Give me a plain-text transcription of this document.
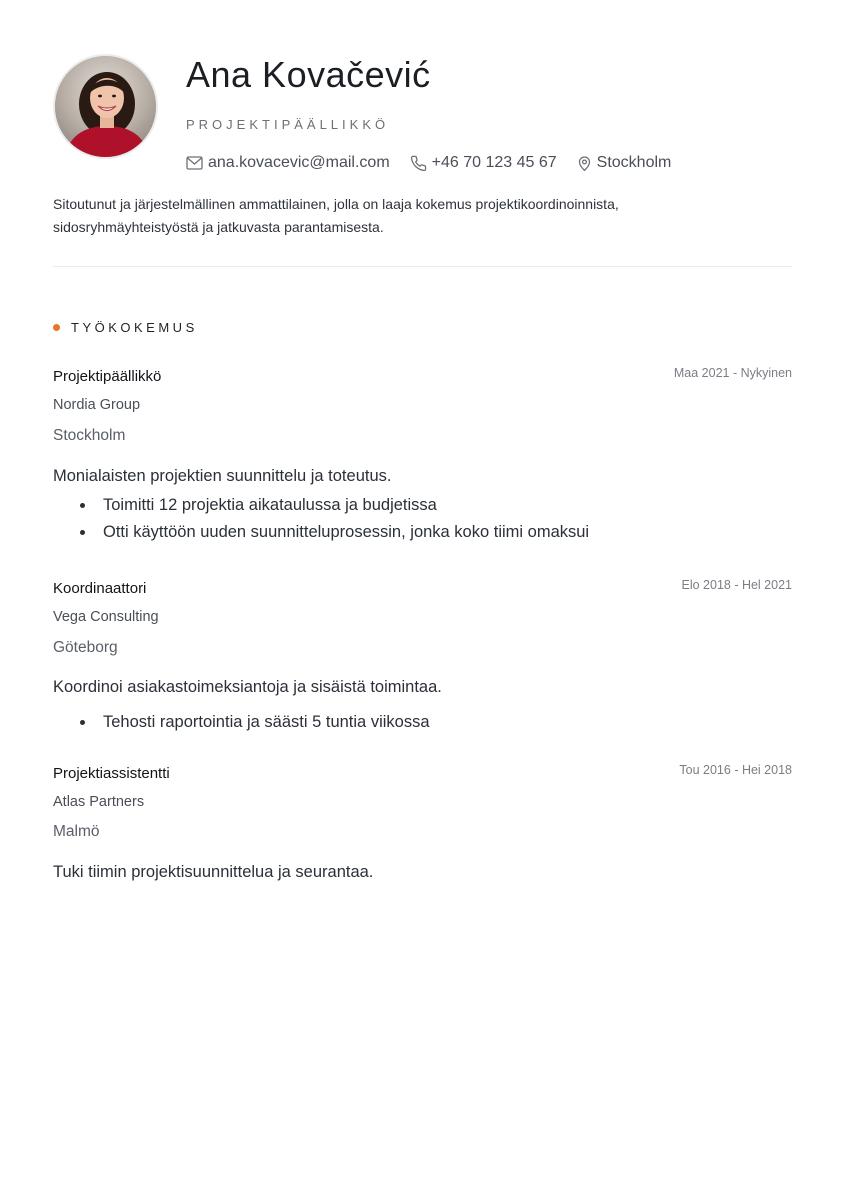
Ana Kovačević
PROJEKTIPÄÄLLIKKÖ
ana.kovacevic@mail.com	+46 70 123 45 67	Stockholm
Sitoutunut ja järjestelmällinen ammattilainen, jolla on laaja kokemus projektikoordinoinnista,
sidosryhmäyhteistyöstä ja jatkuvasta parantamisesta.
TYÖKOKEMUS
Projektipäällikkö	Maa 2021 - Nykyinen
Nordia Group
Stockholm
Monialaisten projektien suunnittelu ja toteutus.
Toimitti 12 projektia aikataulussa ja budjetissa
Otti käyttöön uuden suunnitteluprosessin, jonka koko tiimi omaksui
Koordinaattori	Elo 2018 - Hel 2021
Vega Consulting
Göteborg
Koordinoi asiakastoimeksiantoja ja sisäistä toimintaa.
Tehosti raportointia ja säästi 5 tuntia viikossa
Projektiassistentti	Tou 2016 - Hei 2018
Atlas Partners
Malmö
Tuki tiimin projektisuunnittelua ja seurantaa.
